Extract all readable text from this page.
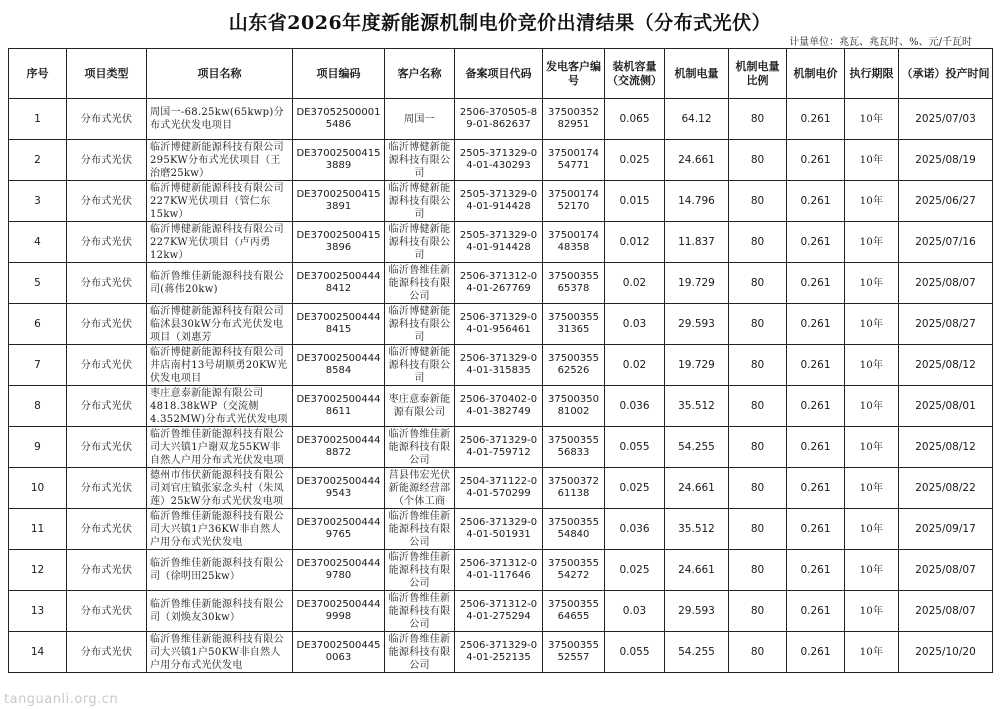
山东省2026年度新能源机制电价竞价出清结果（分布式光伏）
计量单位：兆瓦、兆瓦时、%、元/千瓦时
序号	项目类型	项目名称	项目编码	客户名称	备案项目代码	发电客户编号	装机容量（交流侧）	机制电量	机制电量比例	机制电价	执行期限	（承诺）投产时间
1	分布式光伏	周国一-68.25kw(65kwp)分布式光伏发电项目	DE370525000015486	周国一	2506-370505-89-01-862637	3750035282951	0.065	64.12	80	0.261	10年	2025/07/03
2	分布式光伏	临沂博健新能源科技有限公司295KW分布式光伏项目（王治磨25kw）	DE370025004153889	临沂博健新能源科技有限公司	2505-371329-04-01-430293	3750017454771	0.025	24.661	80	0.261	10年	2025/08/19
3	分布式光伏	临沂博健新能源科技有限公司227KW光伏项目（管仁东15kw）	DE370025004153891	临沂博健新能源科技有限公司	2505-371329-04-01-914428	3750017452170	0.015	14.796	80	0.261	10年	2025/06/27
4	分布式光伏	临沂博健新能源科技有限公司227KW光伏项目（卢丙勇12kw）	DE370025004153896	临沂博健新能源科技有限公司	2505-371329-04-01-914428	3750017448358	0.012	11.837	80	0.261	10年	2025/07/16
5	分布式光伏	临沂鲁维佳新能源科技有限公司(蒋伟20kw)	DE370025004448412	临沂鲁维佳新能源科技有限公司	2506-371312-04-01-267769	3750035565378	0.02	19.729	80	0.261	10年	2025/08/07
6	分布式光伏	临沂博健新能源科技有限公司临沭县30kW分布式光伏发电项目（刘惠芳	DE370025004448415	临沂博健新能源科技有限公司	2506-371329-04-01-956461	3750035531365	0.03	29.593	80	0.261	10年	2025/08/27
7	分布式光伏	临沂博健新能源科技有限公司井店南村13号胡顺勇20KW光伏发电项目	DE370025004448584	临沂博健新能源科技有限公司	2506-371329-04-01-315835	3750035562526	0.02	19.729	80	0.261	10年	2025/08/12
8	分布式光伏	枣庄意泰新能源有限公司4818.38kWP（交流侧4.352MW)分布式光伏发电项	DE370025004448611	枣庄意泰新能源有限公司	2506-370402-04-01-382749	3750035081002	0.036	35.512	80	0.261	10年	2025/08/01
9	分布式光伏	临沂鲁维佳新能源科技有限公司大兴镇1户谢双龙55KW非自然人户用分布式光伏发电项	DE370025004448872	临沂鲁维佳新能源科技有限公司	2506-371329-04-01-759712	3750035556833	0.055	54.255	80	0.261	10年	2025/08/12
10	分布式光伏	德州市伟伏新能源科技有限公司刘官庄镇张家念头村（朱凤莲）25kW分布式光伏发电项	DE370025004449543	莒县伟宏光伏新能源经营部（个体工商	2504-371122-04-01-570299	3750037261138	0.025	24.661	80	0.261	10年	2025/08/22
11	分布式光伏	临沂鲁维佳新能源科技有限公司大兴镇1户36KW非自然人户用分布式光伏发电	DE370025004449765	临沂鲁维佳新能源科技有限公司	2506-371329-04-01-501931	3750035554840	0.036	35.512	80	0.261	10年	2025/09/17
12	分布式光伏	临沂鲁维佳新能源科技有限公司（徐明田25kw）	DE370025004449780	临沂鲁维佳新能源科技有限公司	2506-371312-04-01-117646	3750035554272	0.025	24.661	80	0.261	10年	2025/08/07
13	分布式光伏	临沂鲁维佳新能源科技有限公司（刘焕友30kw）	DE370025004449998	临沂鲁维佳新能源科技有限公司	2506-371312-04-01-275294	3750035564655	0.03	29.593	80	0.261	10年	2025/08/07
14	分布式光伏	临沂鲁维佳新能源科技有限公司大兴镇1户50KW非自然人户用分布式光伏发电	DE370025004450063	临沂鲁维佳新能源科技有限公司	2506-371329-04-01-252135	3750035552557	0.055	54.255	80	0.261	10年	2025/10/20
tanguanli.org.cn
